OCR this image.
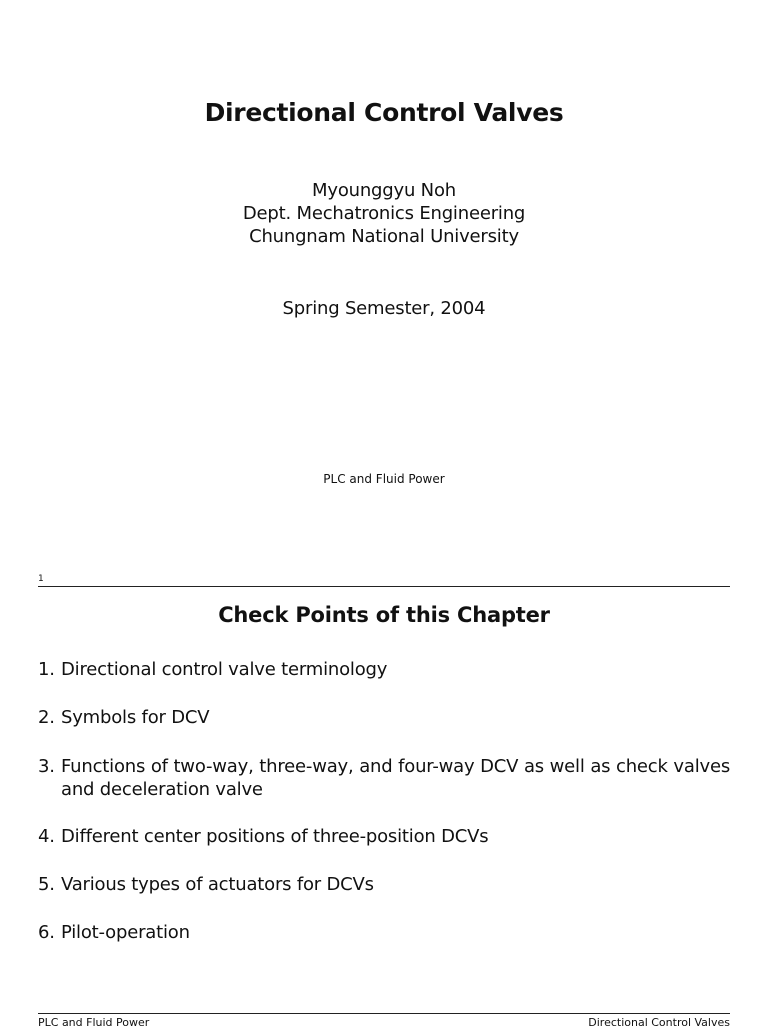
Directional Control Valves
Myounggyu Noh
Dept. Mechatronics Engineering
Chungnam National University
Spring Semester, 2004
PLC and Fluid Power
1
Check Points of this Chapter
1. Directional control valve terminology
2. Symbols for DCV
3. Functions of two-way, three-way, and four-way DCV as well as check valves and deceleration valve
4. Different center positions of three-position DCVs
5. Various types of actuators for DCVs
6. Pilot-operation
PLC and Fluid Power	Directional Control Valves
